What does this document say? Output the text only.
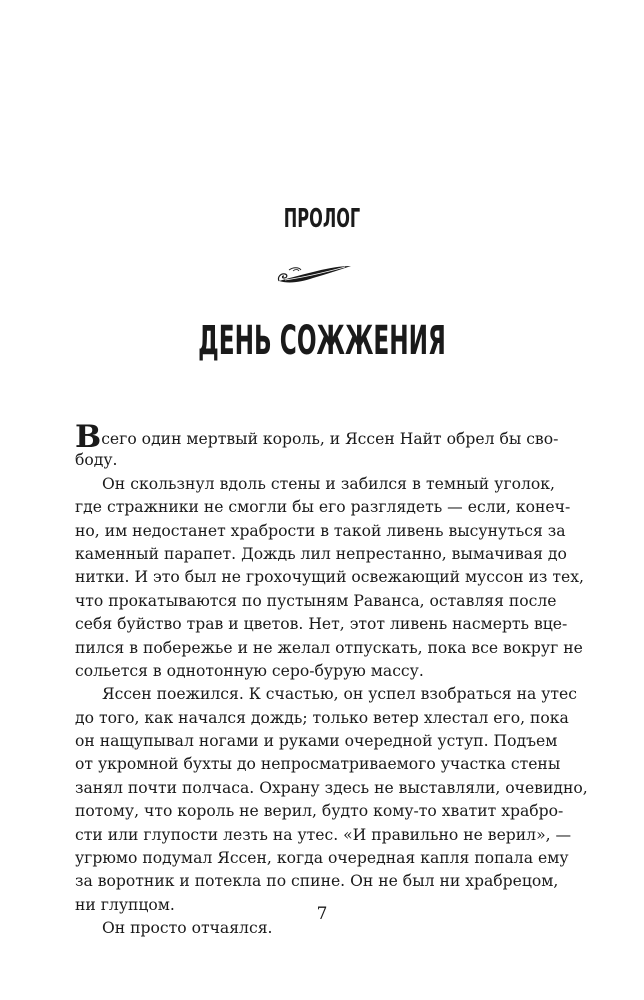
ПРОЛОГ
ДЕНЬ СОЖЖЕНИЯ
Всего один мертвый король, и Яссен Найт обрел бы сво-
боду.
Он скользнул вдоль стены и забился в темный уголок,
где стражники не смогли бы его разглядеть — если, конеч-
но, им недостанет храбрости в такой ливень высунуться за
каменный парапет. Дождь лил непрестанно, вымачивая до
нитки. И это был не грохочущий освежающий муссон из тех,
что прокатываются по пустыням Раванса, оставляя после
себя буйство трав и цветов. Нет, этот ливень насмерть вце-
пился в побережье и не желал отпускать, пока все вокруг не
сольется в однотонную серо-бурую массу.
Яссен поежился. К счастью, он успел взобраться на утес
до того, как начался дождь; только ветер хлестал его, пока
он нащупывал ногами и руками очередной уступ. Подъем
от укромной бухты до непросматриваемого участка стены
занял почти полчаса. Охрану здесь не выставляли, очевидно,
потому, что король не верил, будто кому-то хватит храбро-
сти или глупости лезть на утес. «И правильно не верил», —
угрюмо подумал Яссен, когда очередная капля попала ему
за воротник и потекла по спине. Он не был ни храбрецом,
ни глупцом.
Он просто отчаялся.
7
